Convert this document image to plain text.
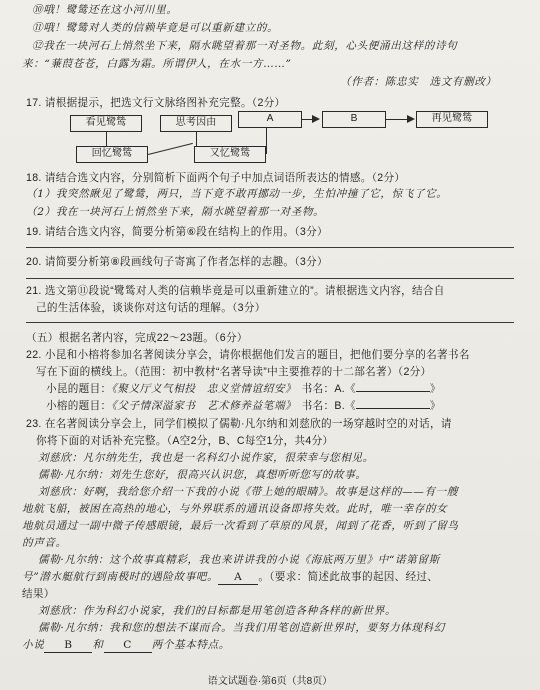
⑩哦！鹭鸶还在这小河川里。
⑪哦！鹭鸶对人类的信赖毕竟是可以重新建立的。
⑫我在一块河石上悄然坐下来，隔水眺望着那一对圣物。此刻，心头便涌出这样的诗句
来：“蒹葭苍苍，白露为霜。所谓伊人，在水一方……”
（作者：陈忠实　选文有删改）
17. 请根据提示，把选文行文脉络图补充完整。（2分）
看见鹭鸶	思考因由	A	B	再见鹭鸶
回忆鹭鸶	又忆鹭鸶
18. 请结合选文内容，分别简析下面两个句子中加点词语所表达的情感。（2分）
（1）我突然瞅见了鹭鸶，两只，当下竟不敢再挪动一步，生怕冲撞了它，惊飞了它。
（2）我在一块河石上悄然坐下来，隔水眺望着那一对圣物。
19. 请结合选文内容，简要分析第⑥段在结构上的作用。（3分）
20. 请简要分析第⑧段画线句子寄寓了作者怎样的志趣。（3分）
21. 选文第⑪段说“鹭鸶对人类的信赖毕竟是可以重新建立的”。请根据选文内容，结合自
己的生活体验，谈谈你对这句话的理解。（3分）
（五）根据名著内容，完成22～23题。（6分）
22. 小昆和小榕将参加名著阅读分享会，请你根据他们发言的题目，把他们要分享的名著书名
写在下面的横线上。（范围：初中教材“名著导读”中主要推荐的十二部名著）（2分）
小昆的题目：《聚义厅义气相投　忠义堂情谊绍安》　 书名：A.《	》
小榕的题目：《父子情深溢家书　艺术修养益笔端》　 书名：B.《	》
23. 在名著阅读分享会上，同学们模拟了儒勒·凡尔纳和刘慈欣的一场穿越时空的对话，请
你将下面的对话补充完整。（A空2分，B、C每空1分，共4分）
刘慈欣：凡尔纳先生，我也是一名科幻小说作家，很荣幸与您相见。
儒勒·凡尔纳：刘先生您好，很高兴认识您，真想听听您写的故事。
刘慈欣：好啊，我给您介绍一下我的小说《带上她的眼睛》。故事是这样的——有一艘
地航飞船，被困在高热的地心，与外界联系的通讯设备即将失效。此时，唯一幸存的女
地航员通过一副中微子传感眼镜，最后一次看到了草原的风景，闻到了花香，听到了留鸟
的声音。
儒勒·凡尔纳：这个故事真精彩，我也来讲讲我的小说《海底两万里》中“诺第留斯
号”潜水艇航行到南极时的遇险故事吧。 A 。（要求：简述此故事的起因、经过、
结果）
刘慈欣：作为科幻小说家，我们的目标都是用笔创造各种各样的新世界。
儒勒·凡尔纳：我和您的想法不谋而合。当我们用笔创造新世界时，要努力体现科幻
小说 B 和 C 两个基本特点。
语文试题卷·第6页（共8页）
